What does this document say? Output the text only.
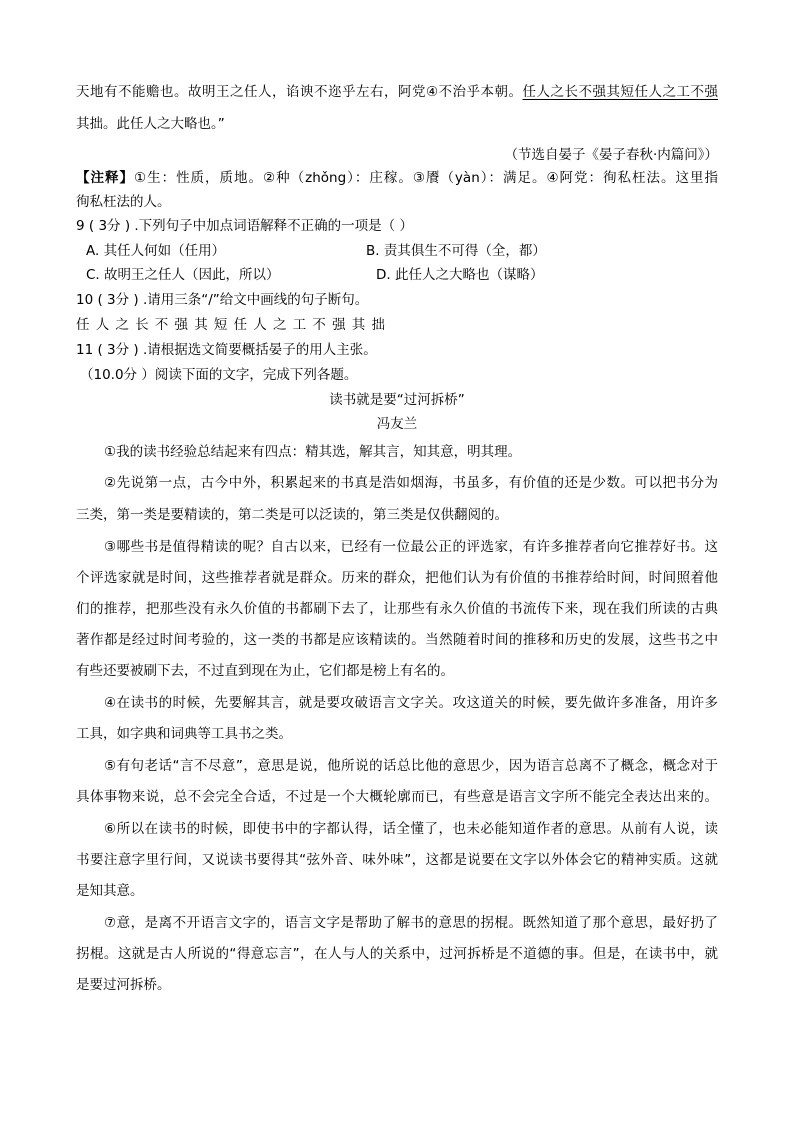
天地有不能赡也。故明王之任人，谄谀不迩乎左右，阿党④不治乎本朝。任人之长不强其短任人之工不强
其拙。此任人之大略也。”
（节选自晏子《晏子春秋·内篇问》）
【注释】①生：性质，质地。②种（zhǒng）：庄稼。③餍（yàn）：满足。④阿党：徇私枉法。这里指
徇私枉法的人。
9 ( 3分 ) .下列句子中加点词语解释不正确的一项是（ ）
A. 其任人何如（任用）	B. 责其俱生不可得（全，都）
C. 故明王之任人（因此，所以）	D. 此任人之大略也（谋略）
10 ( 3分 ) .请用三条“/”给文中画线的句子断句。
任人之长不强其短任人之工不强其拙
11 ( 3分 ) .请根据选文简要概括晏子的用人主张。
（10.0分 ）阅读下面的文字，完成下列各题。
读书就是要“过河拆桥”
冯友兰
①我的读书经验总结起来有四点：精其选，解其言，知其意，明其理。
②先说第一点，古今中外，积累起来的书真是浩如烟海，书虽多，有价值的还是少数。可以把书分为
三类，第一类是要精读的，第二类是可以泛读的，第三类是仅供翻阅的。
③哪些书是值得精读的呢？自古以来，已经有一位最公正的评选家，有许多推荐者向它推荐好书。这
个评选家就是时间，这些推荐者就是群众。历来的群众，把他们认为有价值的书推荐给时间，时间照着他
们的推荐，把那些没有永久价值的书都刷下去了，让那些有永久价值的书流传下来，现在我们所读的古典
著作都是经过时间考验的，这一类的书都是应该精读的。当然随着时间的推移和历史的发展，这些书之中
有些还要被刷下去，不过直到现在为止，它们都是榜上有名的。
④在读书的时候，先要解其言，就是要攻破语言文字关。攻这道关的时候，要先做许多准备，用许多
工具，如字典和词典等工具书之类。
⑤有句老话“言不尽意”，意思是说，他所说的话总比他的意思少，因为语言总离不了概念，概念对于
具体事物来说，总不会完全合适，不过是一个大概轮廓而已，有些意是语言文字所不能完全表达出来的。
⑥所以在读书的时候，即使书中的字都认得，话全懂了，也未必能知道作者的意思。从前有人说，读
书要注意字里行间，又说读书要得其“弦外音、味外味”，这都是说要在文字以外体会它的精神实质。这就
是知其意。
⑦意，是离不开语言文字的，语言文字是帮助了解书的意思的拐棍。既然知道了那个意思，最好扔了
拐棍。这就是古人所说的“得意忘言”，在人与人的关系中，过河拆桥是不道德的事。但是，在读书中，就
是要过河拆桥。
